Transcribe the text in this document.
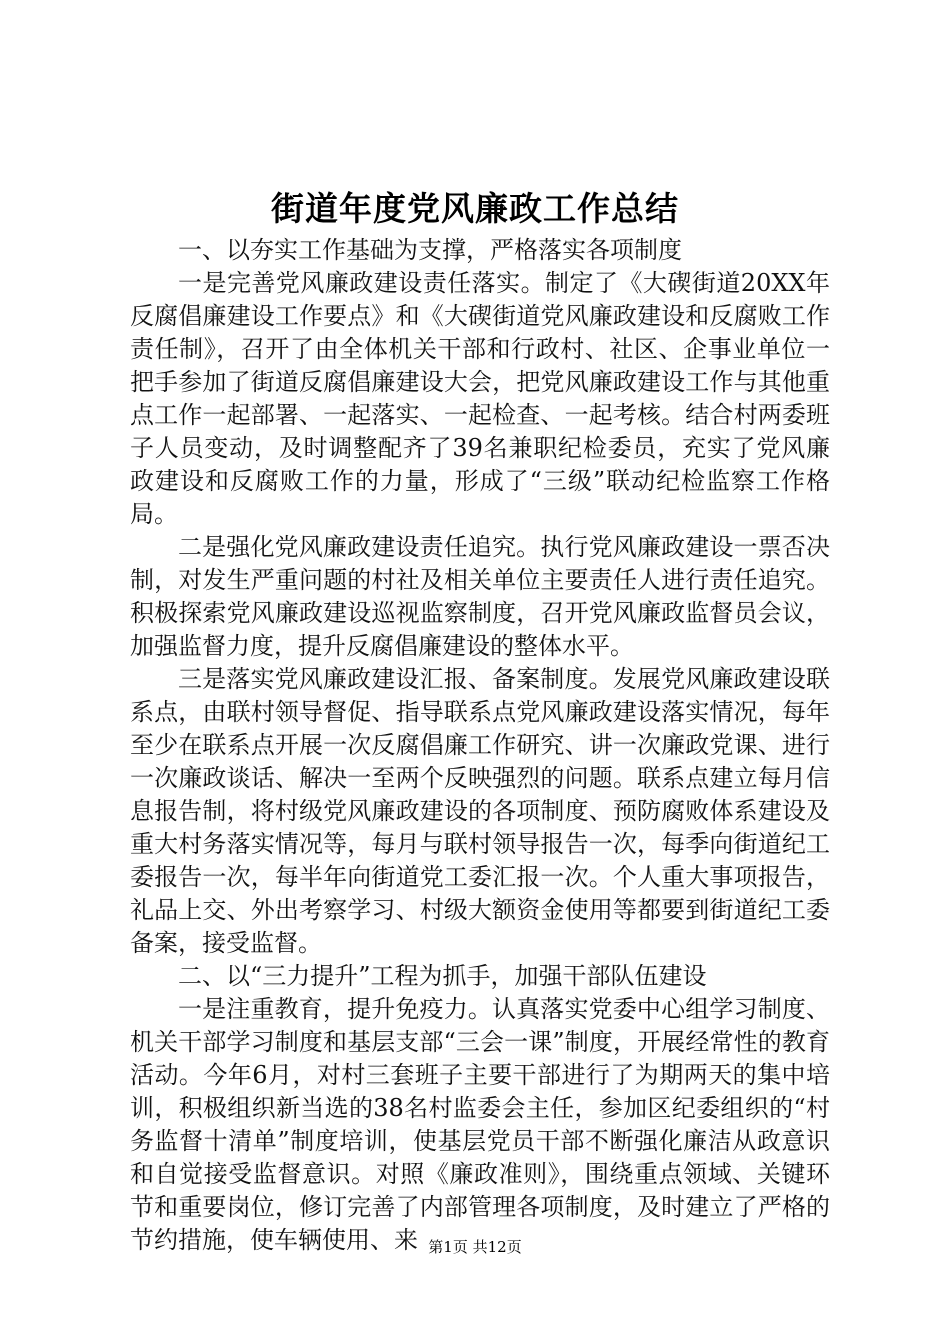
街道年度党风廉政工作总结

一、以夯实工作基础为支撑，严格落实各项制度

一是完善党风廉政建设责任落实。制定了《大碶街道20XX年反腐倡廉建设工作要点》和《大碶街道党风廉政建设和反腐败工作责任制》，召开了由全体机关干部和行政村、社区、企事业单位一把手参加了街道反腐倡廉建设大会，把党风廉政建设工作与其他重点工作一起部署、一起落实、一起检查、一起考核。结合村两委班子人员变动，及时调整配齐了39名兼职纪检委员，充实了党风廉政建设和反腐败工作的力量，形成了“三级”联动纪检监察工作格局。

二是强化党风廉政建设责任追究。执行党风廉政建设一票否决制，对发生严重问题的村社及相关单位主要责任人进行责任追究。积极探索党风廉政建设巡视监察制度，召开党风廉政监督员会议，加强监督力度，提升反腐倡廉建设的整体水平。

三是落实党风廉政建设汇报、备案制度。发展党风廉政建设联系点，由联村领导督促、指导联系点党风廉政建设落实情况，每年至少在联系点开展一次反腐倡廉工作研究、讲一次廉政党课、进行一次廉政谈话、解决一至两个反映强烈的问题。联系点建立每月信息报告制，将村级党风廉政建设的各项制度、预防腐败体系建设及重大村务落实情况等，每月与联村领导报告一次，每季向街道纪工委报告一次，每半年向街道党工委汇报一次。个人重大事项报告，礼品上交、外出考察学习、村级大额资金使用等都要到街道纪工委备案，接受监督。

二、以“三力提升”工程为抓手，加强干部队伍建设

一是注重教育，提升免疫力。认真落实党委中心组学习制度、机关干部学习制度和基层支部“三会一课”制度，开展经常性的教育活动。今年6月，对村三套班子主要干部进行了为期两天的集中培训，积极组织新当选的38名村监委会主任，参加区纪委组织的“村务监督十清单”制度培训，使基层党员干部不断强化廉洁从政意识和自觉接受监督意识。对照《廉政准则》，围绕重点领域、关键环节和重要岗位，修订完善了内部管理各项制度，及时建立了严格的节约措施，使车辆使用、来 第1页 共12页
